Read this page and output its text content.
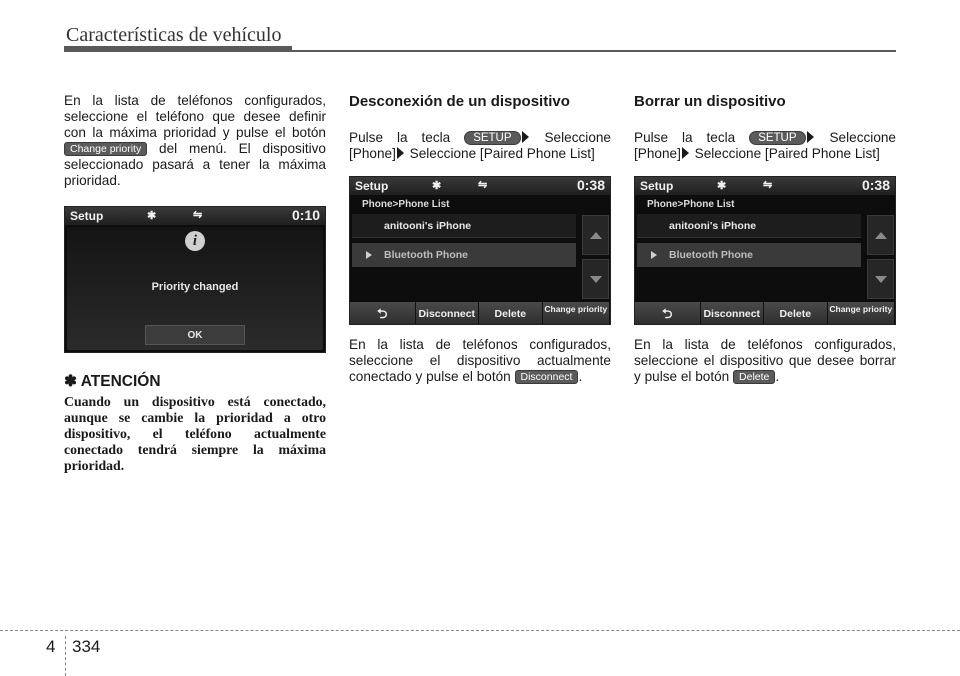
Características de vehículo

En la lista de teléfonos configurados, seleccione el teléfono que desee definir con la máxima prioridad y pulse el botón Change priority del menú. El dispositivo seleccionado pasará a tener la máxima prioridad.

Setup	✱	⇋	0:10
i
Priority changed
OK
✽ ATENCIÓN

Cuando un dispositivo está conectado, aunque se cambie la prioridad a otro dispositivo, el teléfono actualmente conectado tendrá siempre la máxima prioridad.

Desconexión de un dispositivo

Pulse la tecla SETUP Seleccione [Phone] Seleccione [Paired Phone List]

Setup	✱	⇋	0:38
Phone>Phone List
anitooni's iPhone
Bluetooth Phone
⮌	Disconnect	Delete	Change priority

En la lista de teléfonos configurados, seleccione el dispositivo actualmente conectado y pulse el botón Disconnect .

Borrar un dispositivo

Pulse la tecla SETUP Seleccione [Phone] Seleccione [Paired Phone List]

Setup	✱	⇋	0:38
Phone>Phone List
anitooni's iPhone
Bluetooth Phone
⮌	Disconnect	Delete	Change priority

En la lista de teléfonos configurados, seleccione el dispositivo que desee borrar y pulse el botón Delete .

4 334
